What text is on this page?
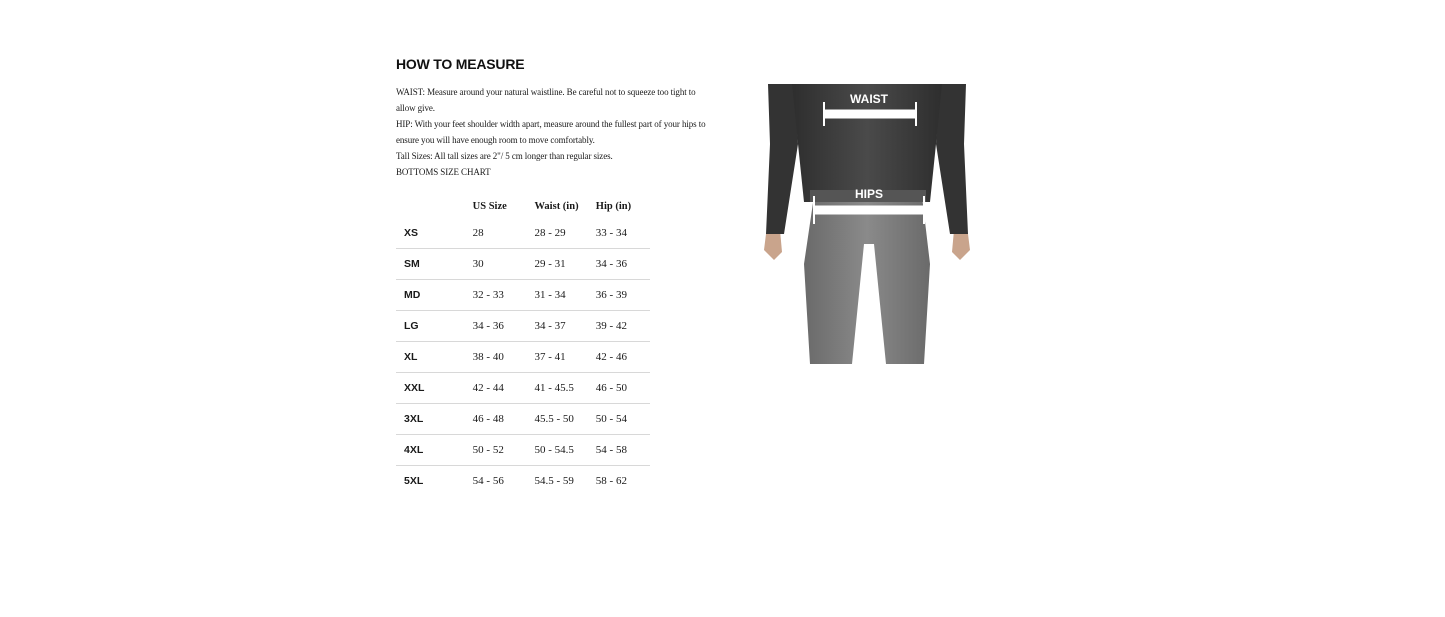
HOW TO MEASURE

WAIST: Measure around your natural waistline. Be careful not to squeeze too tight to allow give.

HIP: With your feet shoulder width apart, measure around the fullest part of your hips to ensure you will have enough room to move comfortably.

Tall Sizes: All tall sizes are 2"/ 5 cm longer than regular sizes.

BOTTOMS SIZE CHART

	US Size	Waist (in)	Hip (in)
XS	28	28 - 29	33 - 34
SM	30	29 - 31	34 - 36
MD	32 - 33	31 - 34	36 - 39
LG	34 - 36	34 - 37	39 - 42
XL	38 - 40	37 - 41	42 - 46
XXL	42 - 44	41 - 45.5	46 - 50
3XL	46 - 48	45.5 - 50	50 - 54
4XL	50 - 52	50 - 54.5	54 - 58
5XL	54 - 56	54.5 - 59	58 - 62
WAIST
HIPS
